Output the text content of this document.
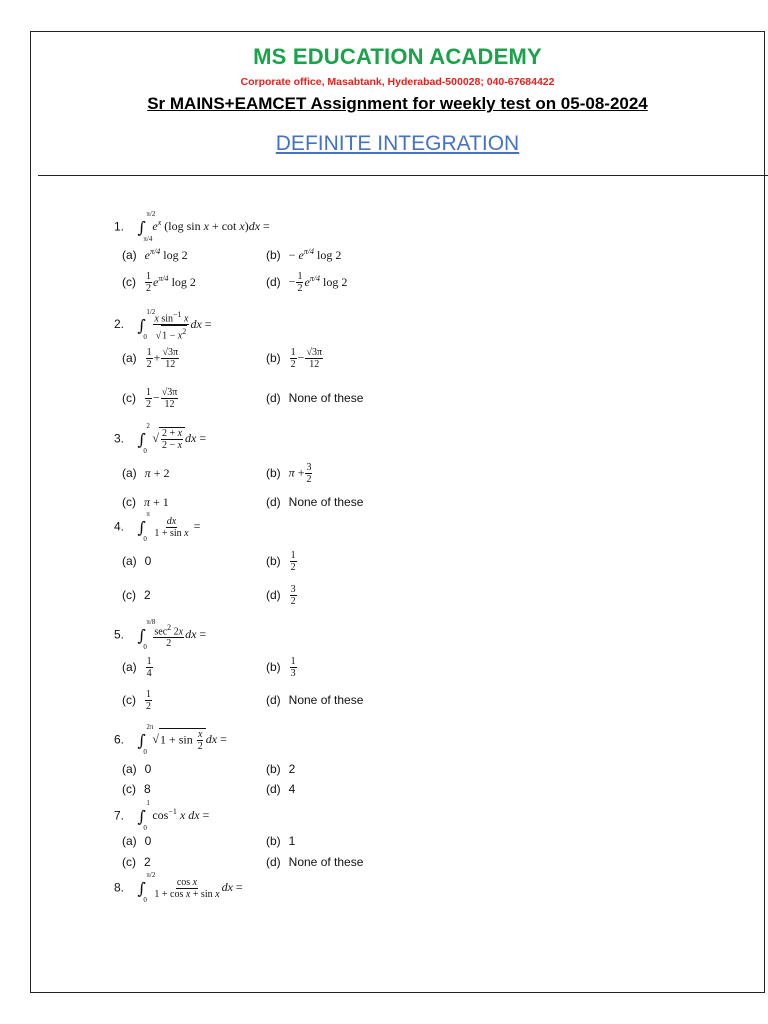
MS EDUCATION ACADEMY
Corporate office, Masabtank, Hyderabad-500028; 040-67684422
Sr MAINS+EAMCET Assignment for weekly test on 05-08-2024
DEFINITE INTEGRATION
1. ∫
π/2
π/4
$e^x$ (log sin x + cot x)dx =
(a) $e^{\pi/4}$ log 2	$(b) - e^{\pi/4}$ log 2
$(c) \frac{1}{2} e^{\pi/4}$ log 2	$(d) - \frac{1}{2} e^{\pi/4}$ log 2
2. ∫
1/2
0
$\frac{x \sin^{-1} x}{√1 - x^2}$ dx =
$(a) \frac{1}{2} + \frac{√3\pi}{12}$	$(b) \frac{1}{2} - \frac{√3\pi}{12}$
$(c) \frac{1}{2} - \frac{√3\pi}{12}$	(d) None of these
3. ∫
2
0
√ $\frac{2 + x}{2 - x}$ dx =
(a) π + 2	(b) $\pi + \frac{3}{2}$
(c) π + 1	(d) None of these
4. ∫
π
0
$\frac{dx}{\text{1 + sin x}}$ =
(a) 0	$(b) \frac{1}{2}$
(c) 2	$(d) \frac{3}{2}$
5. ∫
π/8
0
$\frac{\sec^2 2x}{2}$ dx =
$(a) \frac{1}{4}$	$(b) \frac{1}{3}$
$(c) \frac{1}{2}$	(d) None of these
6. ∫
2π
0
$√1 + \sin \frac{x}{2}$ dx =
(a) 0	(b) 2
(c) 8	(d) 4
7. ∫
1
0
$\cos^{-1} x$ dx =
(a) 0	(b) 1
(c) 2	(d) None of these
8. ∫
π/2
0
$\frac{\text{cos x}}{\text{1 + cos x + sin x}}$ dx =
